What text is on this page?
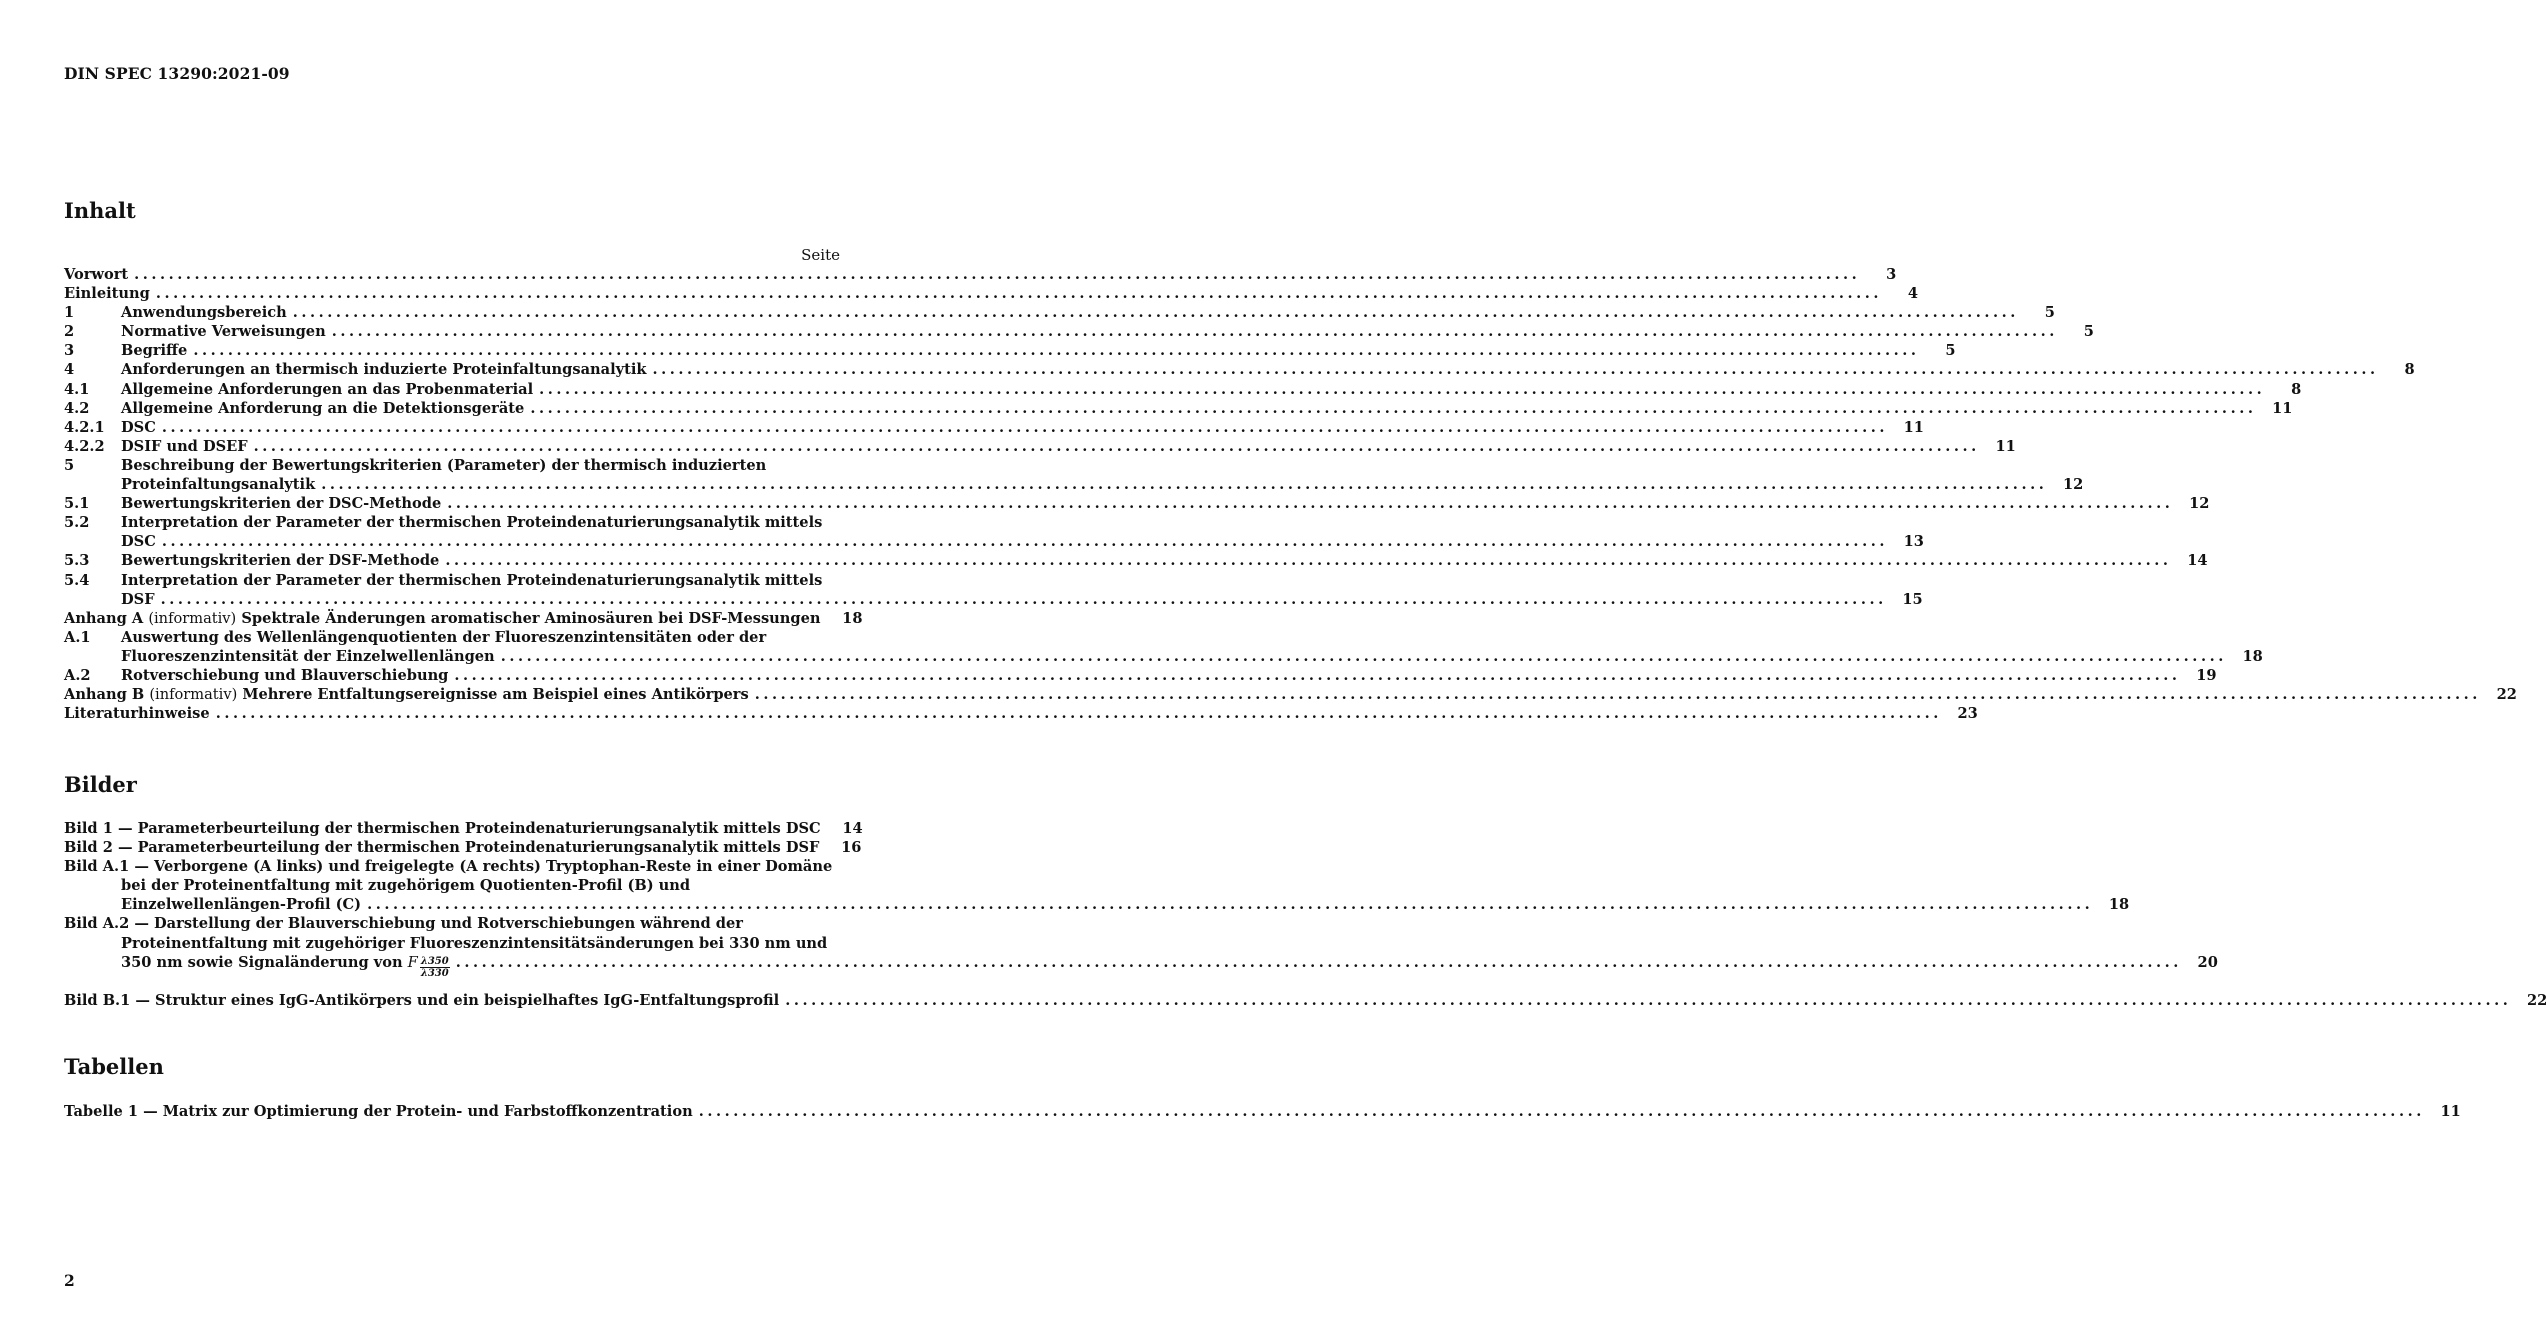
DIN SPEC 13290:2021-09
Inhalt
Seite
Vorwort ........................................................................................................................................................................................................	3
Einleitung ........................................................................................................................................................................................................	4
1	Anwendungsbereich ........................................................................................................................................................................................................	5
2	Normative Verweisungen ........................................................................................................................................................................................................	5
3	Begriffe ........................................................................................................................................................................................................	5
4	Anforderungen an thermisch induzierte Proteinfaltungsanalytik ........................................................................................................................................................................................................	8
4.1	Allgemeine Anforderungen an das Probenmaterial ........................................................................................................................................................................................................	8
4.2	Allgemeine Anforderung an die Detektionsgeräte ........................................................................................................................................................................................................	11
4.2.1	DSC ........................................................................................................................................................................................................	11
4.2.2	DSIF und DSEF ........................................................................................................................................................................................................	11
5	Beschreibung der Bewertungskriterien (Parameter) der thermisch induzierten
Proteinfaltungsanalytik ........................................................................................................................................................................................................	12
5.1	Bewertungskriterien der DSC-Methode ........................................................................................................................................................................................................	12
5.2	Interpretation der Parameter der thermischen Proteindenaturierungsanalytik mittels
DSC ........................................................................................................................................................................................................	13
5.3	Bewertungskriterien der DSF-Methode ........................................................................................................................................................................................................	14
5.4	Interpretation der Parameter der thermischen Proteindenaturierungsanalytik mittels
DSF ........................................................................................................................................................................................................	15
Anhang A (informativ) Spektrale Änderungen aromatischer Aminosäuren bei DSF-Messungen	18
A.1	Auswertung des Wellenlängenquotienten der Fluoreszenzintensitäten oder der
Fluoreszenzintensität der Einzelwellenlängen ........................................................................................................................................................................................................	18
A.2	Rotverschiebung und Blauverschiebung ........................................................................................................................................................................................................	19
Anhang B (informativ) Mehrere Entfaltungsereignisse am Beispiel eines Antikörpers ........................................................................................................................................................................................................	22
Literaturhinweise ........................................................................................................................................................................................................	23
Bilder
Bild 1 — Parameterbeurteilung der thermischen Proteindenaturierungsanalytik mittels DSC	14
Bild 2 — Parameterbeurteilung der thermischen Proteindenaturierungsanalytik mittels DSF	16
Bild A.1 — Verborgene (A links) und freigelegte (A rechts) Tryptophan-Reste in einer Domäne
bei der Proteinentfaltung mit zugehörigem Quotienten-Profil (B) und
Einzelwellenlängen-Profil (C) ........................................................................................................................................................................................................	18
Bild A.2 — Darstellung der Blauverschiebung und Rotverschiebungen während der
Proteinentfaltung mit zugehöriger Fluoreszenzintensitätsänderungen bei 330 nm und
350 nm sowie Signaländerung von F $\frac{\lambda 350}{\lambda 330}$ ........................................................................................................................................................................................................	20
Bild B.1 — Struktur eines IgG-Antikörpers und ein beispielhaftes IgG-Entfaltungsprofil ........................................................................................................................................................................................................	22
Tabellen
Tabelle 1 — Matrix zur Optimierung der Protein- und Farbstoffkonzentration ........................................................................................................................................................................................................	11
2
